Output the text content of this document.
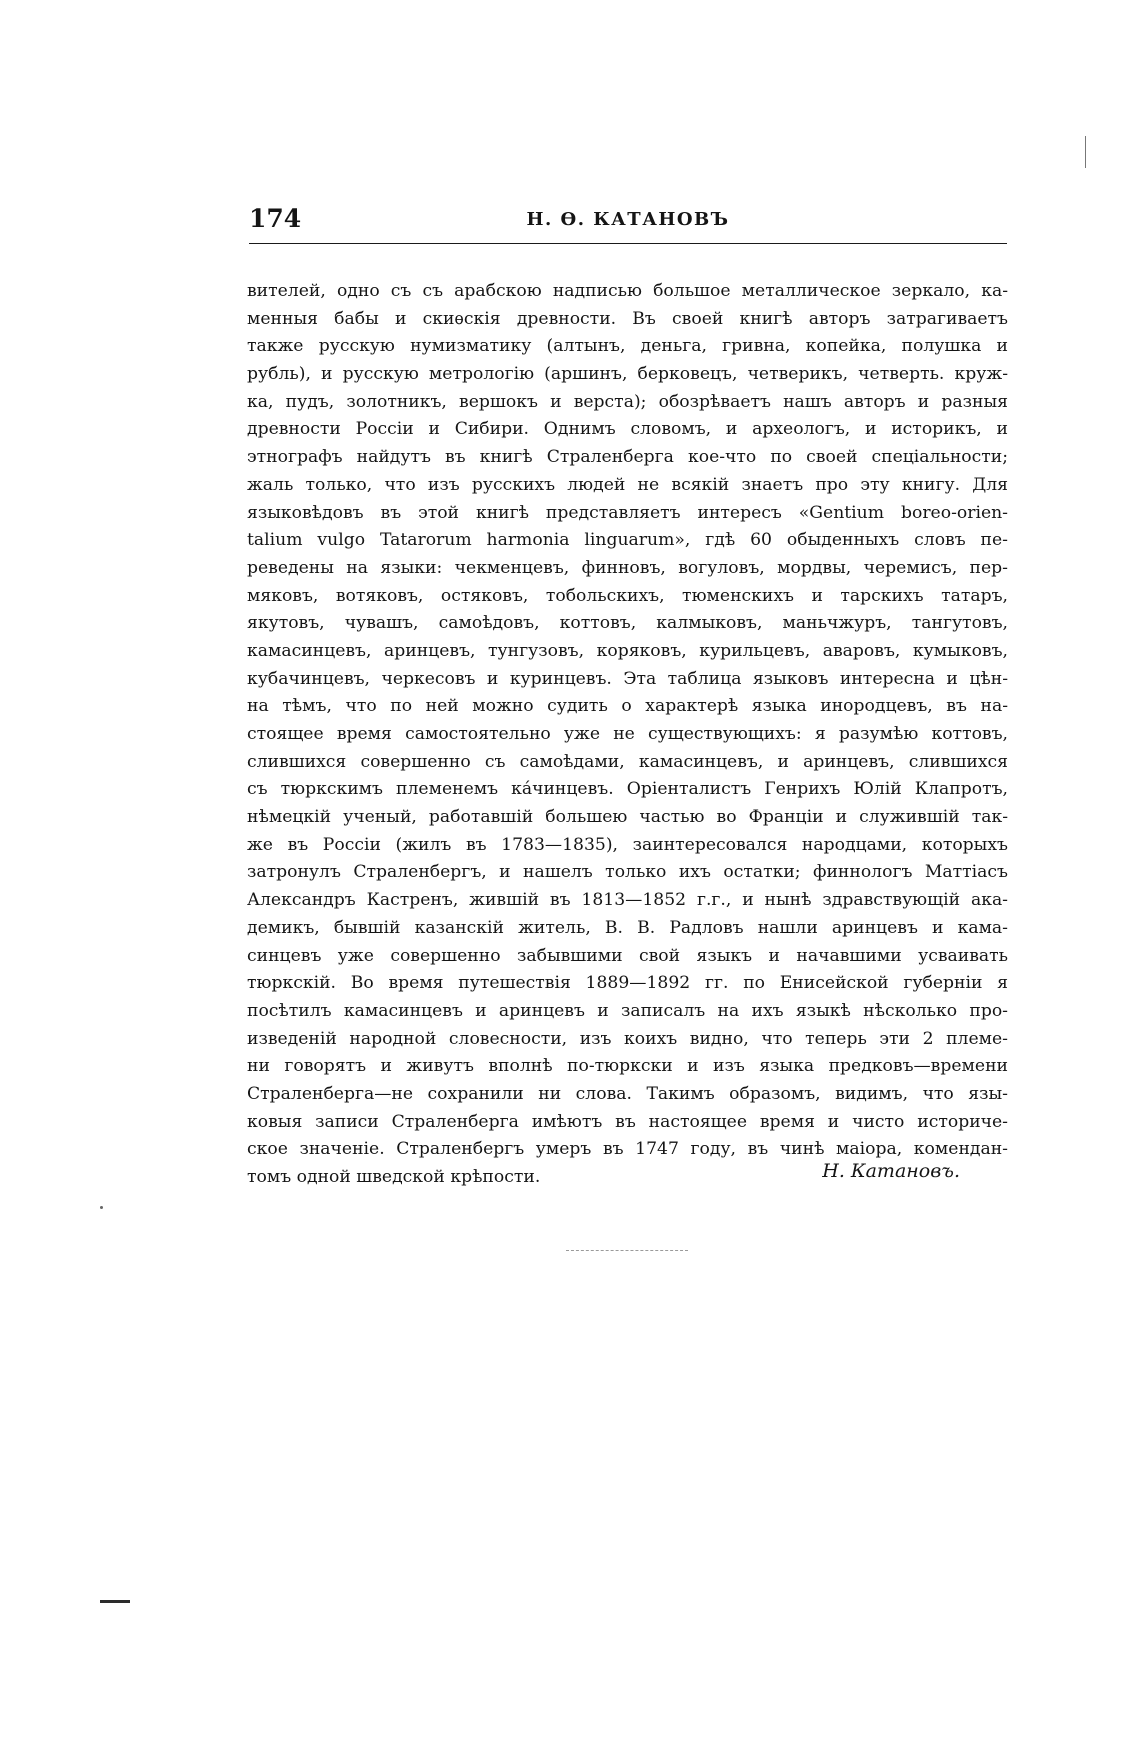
174	Н. Ѳ. КАТАНОВЪ
вителей, одно съ съ арабскою надписью большое металлическое зеркало, ка-
менныя бабы и скиѳскія древности. Въ своей книгѣ авторъ затрагиваетъ
также русскую нумизматику (алтынъ, деньга, гривна, копейка, полушка и
рубль), и русскую метрологію (аршинъ, берковецъ, четверикъ, четверть. круж-
ка, пудъ, золотникъ, вершокъ и верста); обозрѣваетъ нашъ авторъ и разныя
древности Россіи и Сибири. Однимъ словомъ, и археологъ, и историкъ, и
этнографъ найдутъ въ книгѣ Страленберга кое-что по своей спеціальности;
жаль только, что изъ русскихъ людей не всякій знаетъ про эту книгу. Для
языковѣдовъ въ этой книгѣ представляетъ интересъ «Gentium boreo-orien-
talium vulgo Tatarorum harmonia linguarum», гдѣ 60 обыденныхъ словъ пе-
реведены на языки: чекменцевъ, финновъ, вогуловъ, мордвы, черемисъ, пер-
мяковъ, вотяковъ, остяковъ, тобольскихъ, тюменскихъ и тарскихъ татаръ,
якутовъ, чувашъ, самоѣдовъ, коттовъ, калмыковъ, маньчжуръ, тангутовъ,
камасинцевъ, аринцевъ, тунгузовъ, коряковъ, курильцевъ, аваровъ, кумыковъ,
кубачинцевъ, черкесовъ и куринцевъ. Эта таблица языковъ интересна и цѣн-
на тѣмъ, что по ней можно судить о характерѣ языка инородцевъ, въ на-
стоящее время самостоятельно уже не существующихъ: я разумѣю коттовъ,
слившихся совершенно съ самоѣдами, камасинцевъ, и аринцевъ, слившихся
съ тюркскимъ племенемъ ка́чинцевъ. Оріенталистъ Генрихъ Юлій Клапротъ,
нѣмецкій ученый, работавшій большею частью во Франціи и служившій так-
же въ Россіи (жилъ въ 1783—1835), заинтересовался народцами, которыхъ
затронулъ Страленбергъ, и нашелъ только ихъ остатки; финнологъ Маттіасъ
Александръ Кастренъ, жившій въ 1813—1852 г.г., и нынѣ здравствующій ака-
демикъ, бывшій казанскій житель, В. В. Радловъ нашли аринцевъ и кама-
синцевъ уже совершенно забывшими свой языкъ и начавшими усваивать
тюркскій. Во время путешествія 1889—1892 гг. по Енисейской губерніи я
посѣтилъ камасинцевъ и аринцевъ и записалъ на ихъ языкѣ нѣсколько про-
изведеній народной словесности, изъ коихъ видно, что теперь эти 2 племе-
ни говорятъ и живутъ вполнѣ по-тюркски и изъ языка предковъ—времени
Страленберга—не сохранили ни слова. Такимъ образомъ, видимъ, что язы-
ковыя записи Страленберга имѣютъ въ настоящее время и чисто историче-
ское значеніе. Страленбергъ умеръ въ 1747 году, въ чинѣ маіора, комендан-
томъ одной шведской крѣпости.	Н. Катановъ.
